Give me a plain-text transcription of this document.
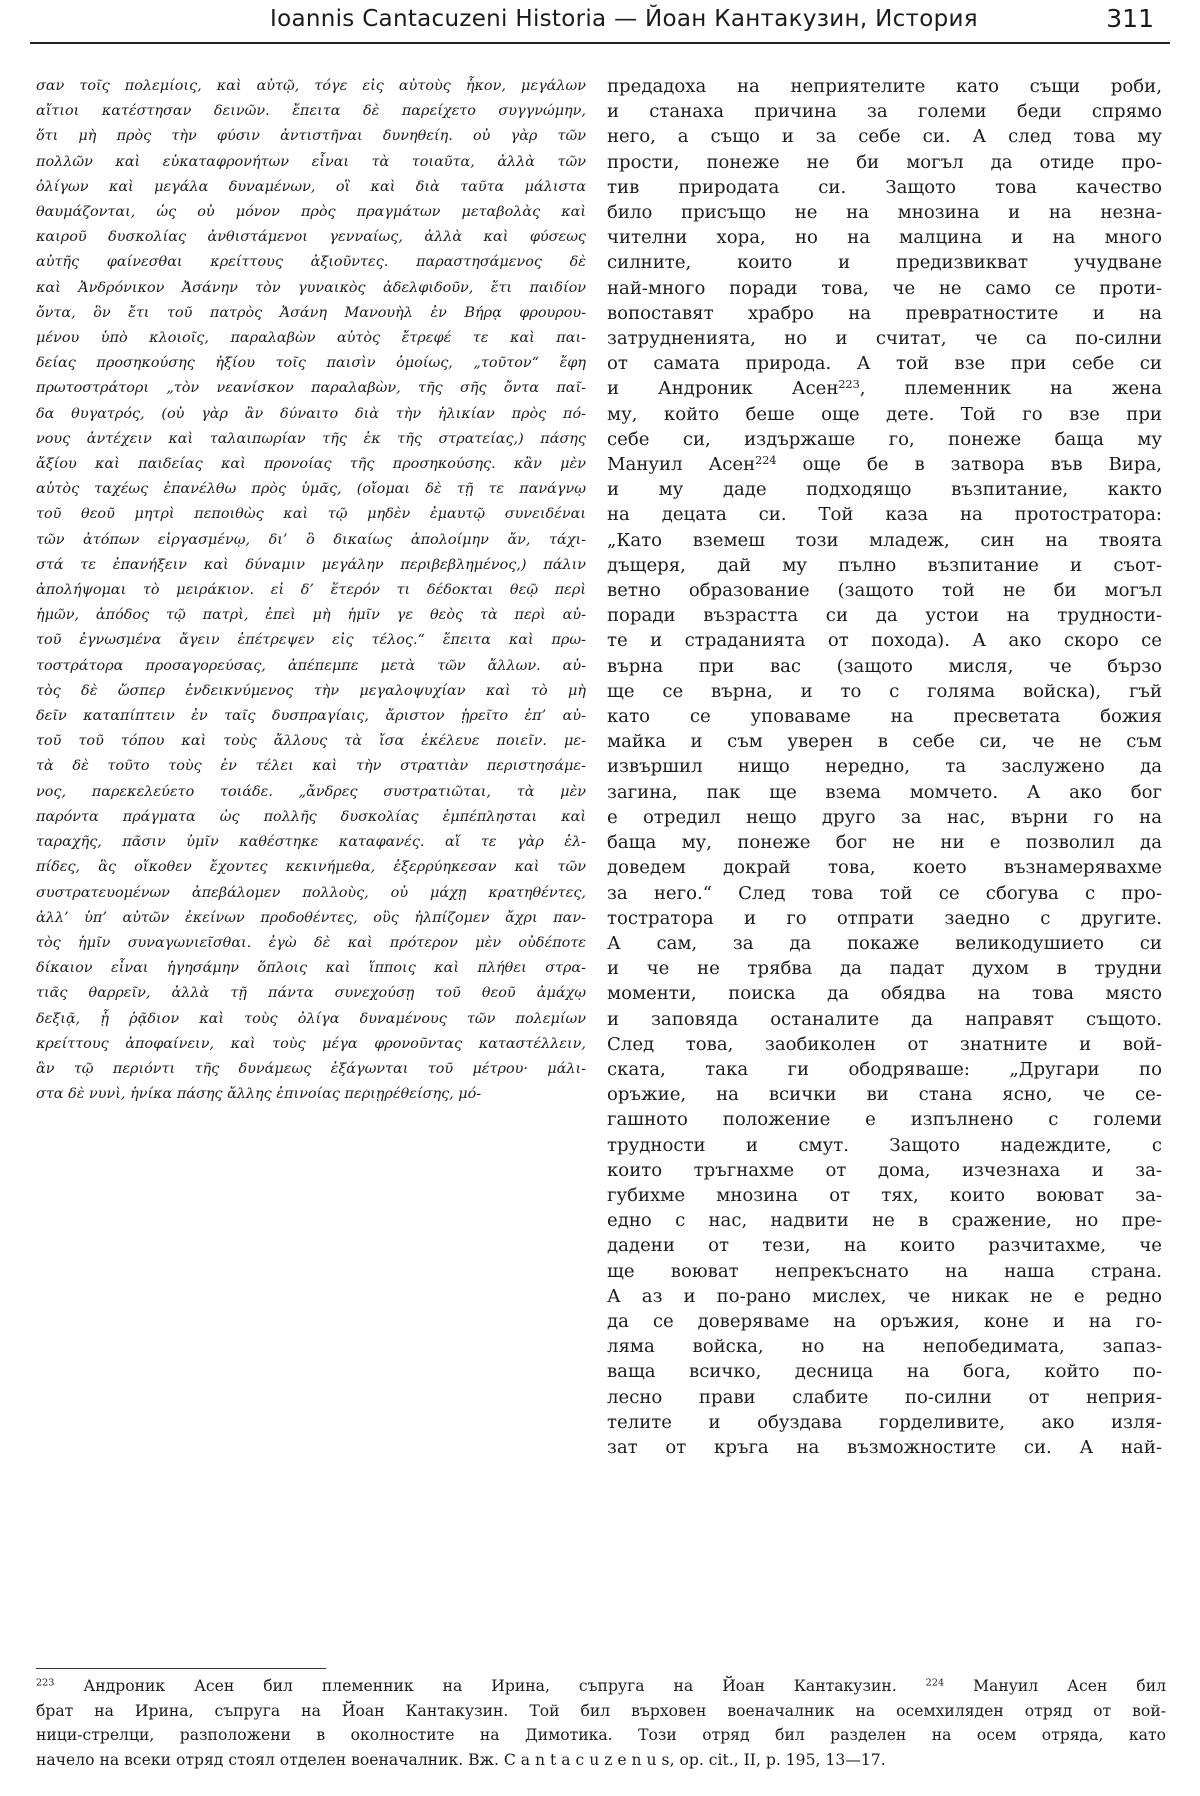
Ioannis Cantacuzeni Historia — Йоан Кантакузин, История	311
σαν τοῖς πολεμίοις, καὶ αὐτῷ, τόγε εἰς αὐτοὺς ἧκον, μεγάλων
αἴτιοι κατέστησαν δεινῶν. ἔπειτα δὲ παρείχετο συγγνώμην,
ὅτι μὴ πρὸς τὴν φύσιν ἀντιστῆναι δυνηθείη. οὐ γὰρ τῶν
πολλῶν καὶ εὐκαταφρονήτων εἶναι τὰ τοιαῦτα, ἀλλὰ τῶν
ὀλίγων καὶ μεγάλα δυναμένων, οἳ καὶ διὰ ταῦτα μάλιστα
θαυμάζονται, ὡς οὐ μόνον πρὸς πραγμάτων μεταβολὰς καὶ
καιροῦ δυσκολίας ἀνθιστάμενοι γενναίως, ἀλλὰ καὶ φύσεως
αὐτῆς φαίνεσθαι κρείττους ἀξιοῦντες. παραστησάμενος δὲ
καὶ Ἀνδρόνικον Ἀσάνην τὸν γυναικὸς ἀδελφιδοῦν, ἔτι παιδίον
ὄντα, ὃν ἔτι τοῦ πατρὸς Ἀσάνη Μανουὴλ ἐν Βήρᾳ φρουρου-
μένου ὑπὸ κλοιοῖς, παραλαβὼν αὐτὸς ἔτρεφέ τε καὶ παι-
δείας προσηκούσης ἠξίου τοῖς παισὶν ὁμοίως, „τοῦτον“ ἔφη
πρωτοστράτορι „τὸν νεανίσκον παραλαβὼν, τῆς σῆς ὄντα παῖ-
δα θυγατρός, (οὐ γὰρ ἂν δύναιτο διὰ τὴν ἡλικίαν πρὸς πό-
νους ἀντέχειν καὶ ταλαιπωρίαν τῆς ἐκ τῆς στρατείας,) πάσης
ἄξίου καὶ παιδείας καὶ προνοίας τῆς προσηκούσης. κἂν μὲν
αὐτὸς ταχέως ἐπανέλθω πρὸς ὑμᾶς, (οἴομαι δὲ τῇ τε πανάγνῳ
τοῦ θεοῦ μητρὶ πεποιθὼς καὶ τῷ μηδὲν ἐμαυτῷ συνειδέναι
τῶν ἀτόπων εἰργασμένῳ, δι’ ὃ δικαίως ἀπολοίμην ἄν, τάχι-
στά τε ἐπανήξειν καὶ δύναμιν μεγάλην περιβεβλημένος,) πάλιν
ἀπολήψομαι τὸ μειράκιον. εἰ δ’ ἕτερόν τι δέδοκται θεῷ περὶ
ἡμῶν, ἀπόδος τῷ πατρὶ, ἐπεὶ μὴ ἡμῖν γε θεὸς τὰ περὶ αὐ-
τοῦ ἐγνωσμένα ἄγειν ἐπέτρεψεν εἰς τέλος.“ ἔπειτα καὶ πρω-
τοστράτορα προσαγορεύσας, ἀπέπεμπε μετὰ τῶν ἄλλων. αὐ-
τὸς δὲ ὥσπερ ἐνδεικνύμενος τὴν μεγαλοψυχίαν καὶ τὸ μὴ
δεῖν καταπίπτειν ἐν ταῖς δυσπραγίαις, ἄριστον ᾑρεῖτο ἐπ’ αὐ-
τοῦ τοῦ τόπου καὶ τοὺς ἄλλους τὰ ἴσα ἐκέλευε ποιεῖν. με-
τὰ δὲ τοῦτο τοὺς ἐν τέλει καὶ τὴν στρατιὰν περιστησάμε-
νος, παρεκελεύετο τοιάδε. „ἄνδρες συστρατιῶται, τὰ μὲν
παρόντα πράγματα ὡς πολλῆς δυσκολίας ἐμπέπλησται καὶ
ταραχῆς, πᾶσιν ὑμῖν καθέστηκε καταφανές. αἵ τε γὰρ ἐλ-
πίδες, ἃς οἴκοθεν ἔχοντες κεκινήμεθα, ἐξερρύηκεσαν καὶ τῶν
συστρατευομένων ἀπεβάλομεν πολλοὺς, οὐ μάχῃ κρατηθέντες,
ἀλλ’ ὑπ’ αὐτῶν ἐκείνων προδοθέντες, οὓς ἠλπίζομεν ἄχρι παν-
τὸς ἡμῖν συναγωνιεῖσθαι. ἐγὼ δὲ καὶ πρότερον μὲν οὐδέποτε
δίκαιον εἶναι ἡγησάμην ὅπλοις καὶ ἵπποις καὶ πλήθει στρα-
τιᾶς θαρρεῖν, ἀλλὰ τῇ πάντα συνεχούσῃ τοῦ θεοῦ ἀμάχῳ
δεξιᾷ, ᾗ ῥᾷδιον καὶ τοὺς ὀλίγα δυναμένους τῶν πολεμίων
κρείττους ἀποφαίνειν, καὶ τοὺς μέγα φρονοῦντας καταστέλλειν,
ἂν τῷ περιόντι τῆς δυνάμεως ἐξάγωνται τοῦ μέτρου· μάλι-
στα δὲ νυνὶ, ἡνίκα πάσης ἄλλης ἐπινοίας περιῃρέθείσης, μό-
предадоха на неприятелите като същи роби,
и станаха причина за големи беди спрямо
него, а също и за себе си. А след това му
прости, понеже не би могъл да отиде про-
тив природата си. Защото това качество
било присъщо не на мнозина и на незна-
чителни хора, но на малцина и на много
силните, които и предизвикват учудване
най-много поради това, че не само се проти-
вопоставят храбро на превратностите и на
затрудненията, но и считат, че са по-силни
от самата природа. А той взе при себе си
и Андроник Асен$^{223}$, племенник на жена
му, който беше още дете. Той го взе при
себе си, издържаше го, понеже баща му
Мануил Асен$^{224}$ още бе в затвора във Вира,
и му даде подходящо възпитание, както
на децата си. Той каза на протостратора:
„Като вземеш този младеж, син на твоята
дъщеря, дай му пълно възпитание и съот-
ветно образование (защото той не би могъл
поради възрастта си да устои на трудности-
те и страданията от похода). А ако скоро се
върна при вас (защото мисля, че бързо
ще се върна, и то с голяма войска), гъй
като се уповаваме на пресветата божия
майка и съм уверен в себе си, че не съм
извършил нищо нередно, та заслужено да
загина, пак ще взема момчето. А ако бог
е отредил нещо друго за нас, върни го на
баща му, понеже бог не ни е позволил да
доведем докрай това, което възнамерявахме
за него.“ След това той се сбогува с про-
тостратора и го отпрати заедно с другите.
А сам, за да покаже великодушието си
и че не трябва да падат духом в трудни
моменти, поиска да обядва на това място
и заповядa останалите да направят същото.
След това, заобиколен от знатните и вой-
ската, така ги ободряваше: „Другари по
оръжие, на всички ви стана ясно, че се-
гашното положение е изпълнено с големи
трудности и смут. Защото надеждите, с
които тръгнахме от дома, изчезнаха и за-
губихме мнозина от тях, които воюват за-
едно с нас, надвити не в сражение, но пре-
дадени от тези, на които разчитахме, че
ще воюват непрекъснато на наша страна.
А аз и по-рано мислех, че никак не е редно
да се доверяваме на оръжия, коне и на го-
ляма войска, но на непобедимата, запаз-
ваща всичко, десница на бога, който по-
лесно прави слабите по-силни от неприя-
телите и обуздава горделивите, ако изля-
зат от кръга на възможностите си. А най-
$^{223}$ Андроник Асен бил племенник на Ирина, съпруга на Йоан Кантакузин. $^{224}$ Мануил Асен бил
брат на Ирина, съпруга на Йоан Кантакузин. Той бил върховен военачалник на осемхиляден отряд от вой-
ници-стрелци, разположени в околностите на Димотика. Този отряд бил разделен на осем отряда, като
начело на всеки отряд стоял отделен военачалник. Вж. C a n t a c u z e n u s, op. cit., II, p. 195, 13—17.
